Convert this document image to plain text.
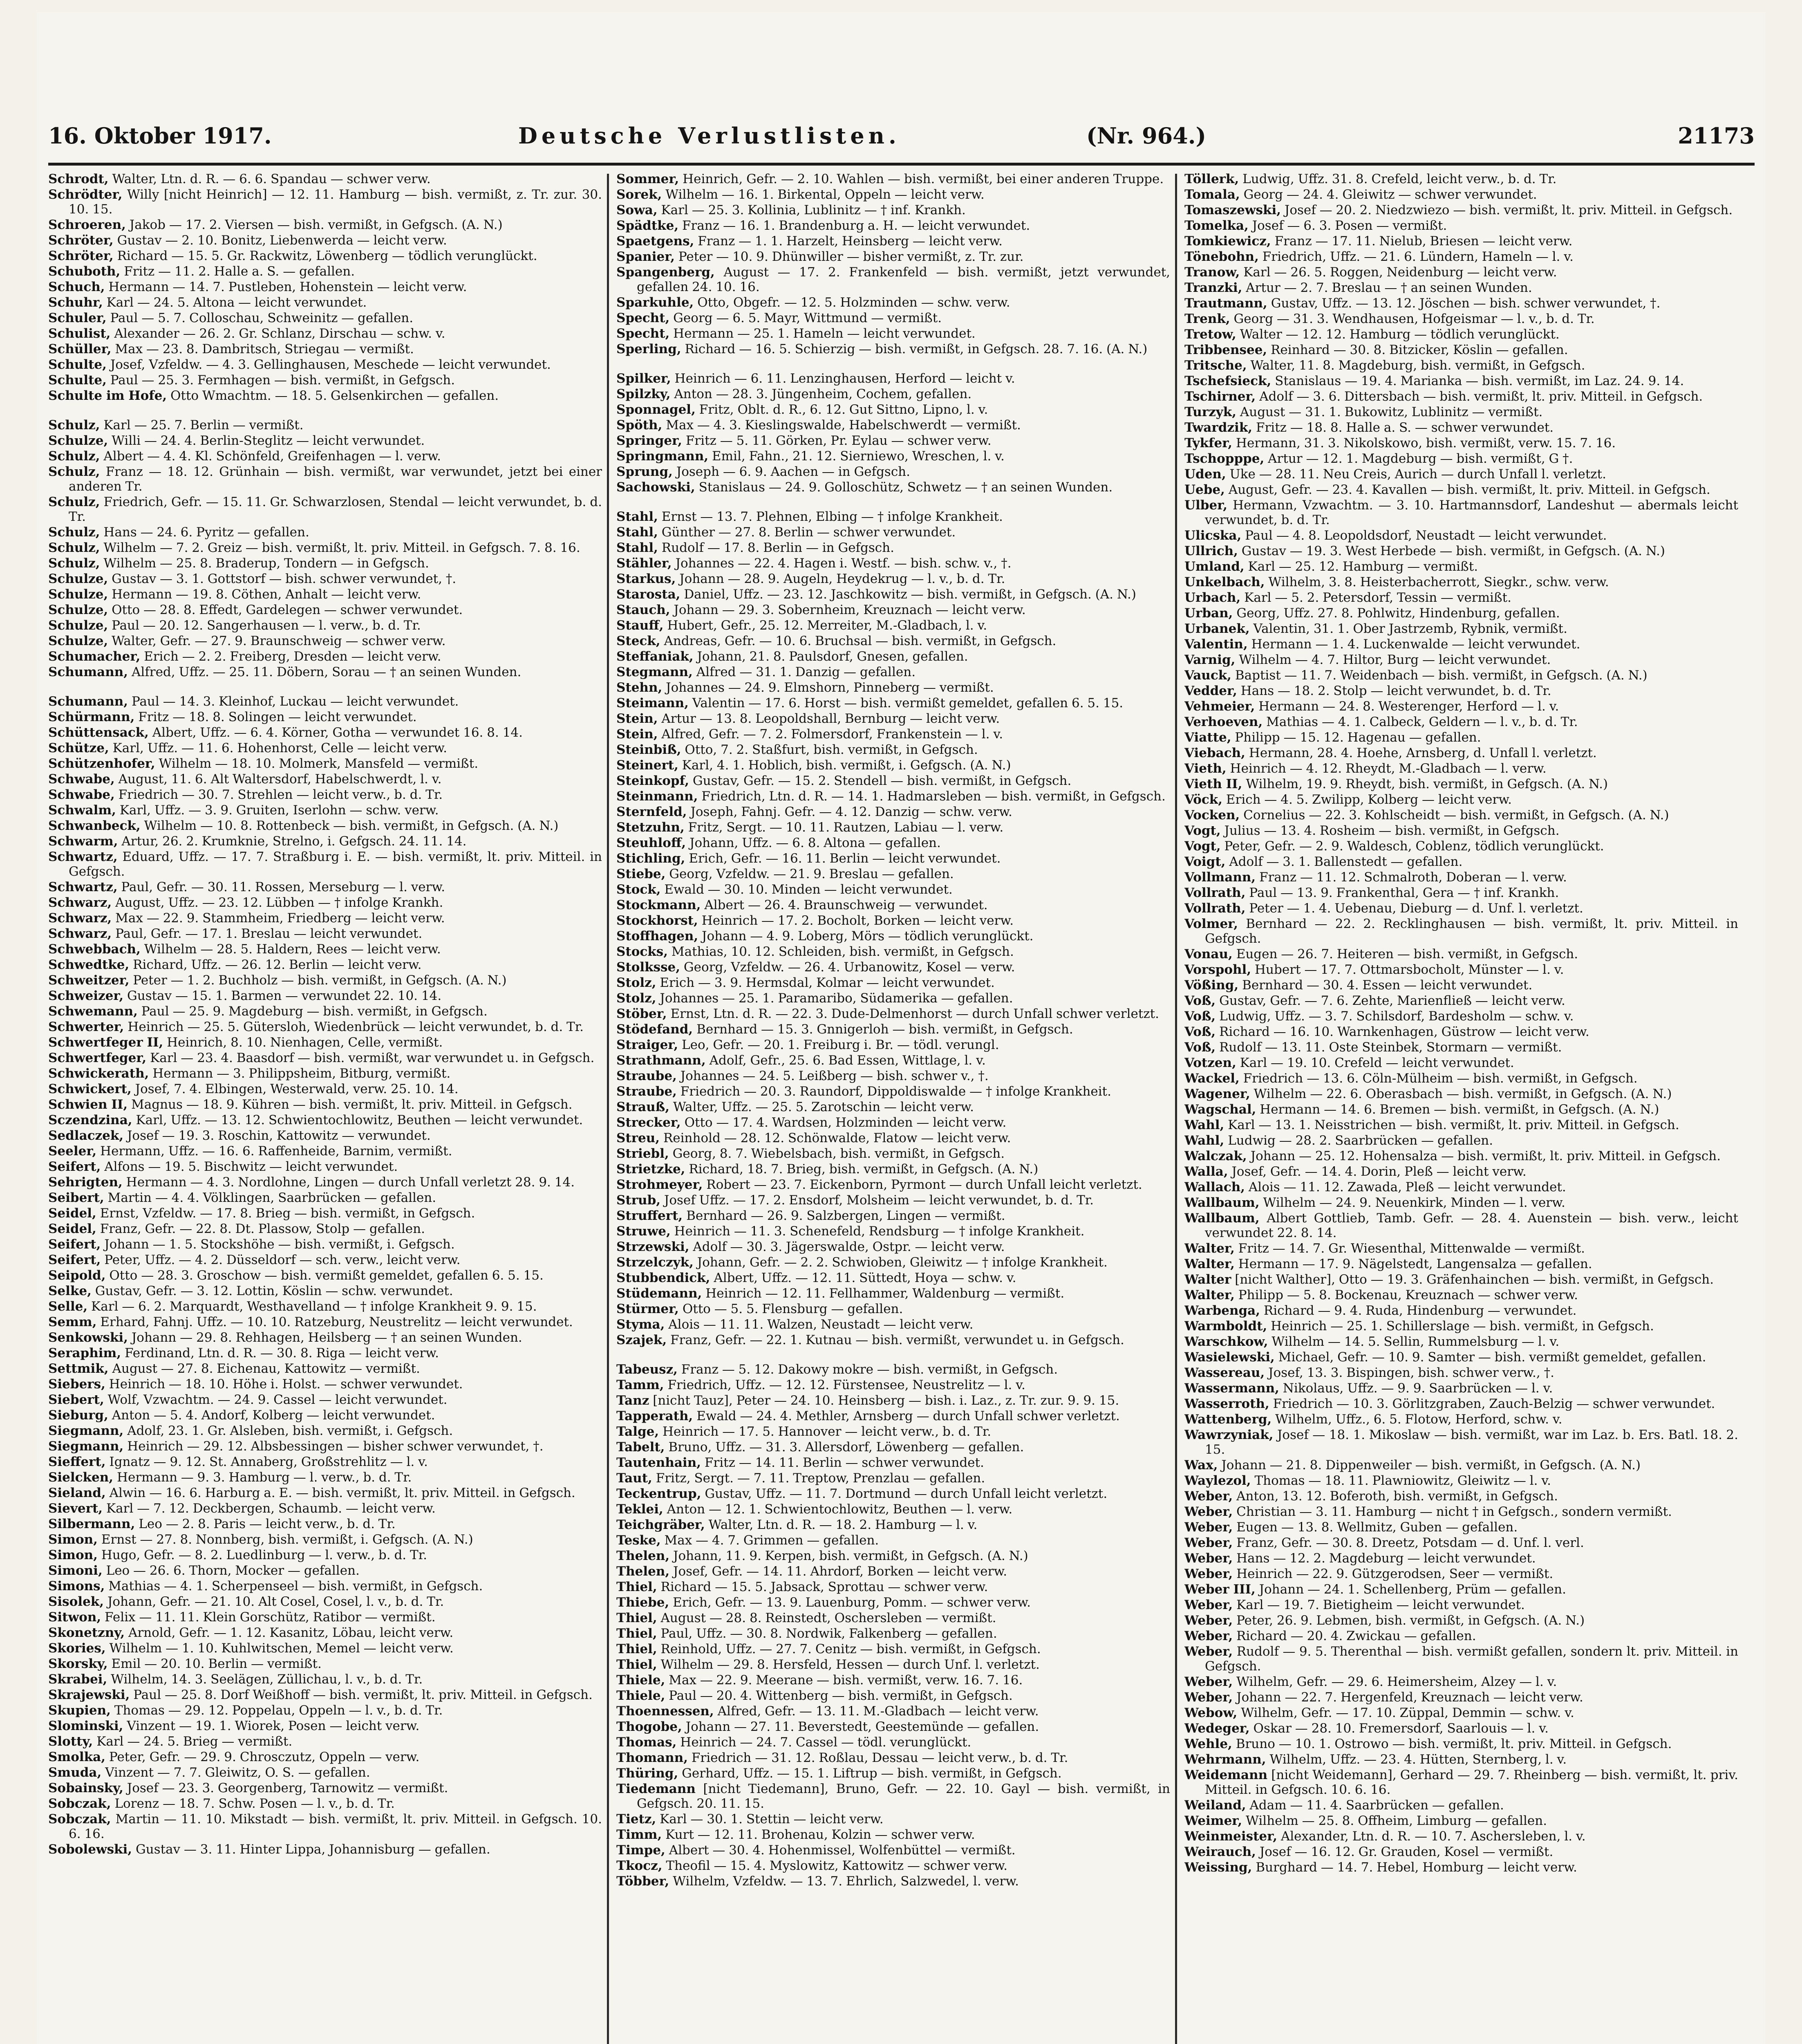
16. Oktober 1917.	Deutsche Verlustlisten.	(Nr. 964.)	21173
Schrodt, Walter, Ltn. d. R. — 6. 6. Spandau — schwer verw.
Schrödter, Willy [nicht Heinrich] — 12. 11. Hamburg — bish. vermißt, z. Tr. zur. 30. 10. 15.
Schroeren, Jakob — 17. 2. Viersen — bish. vermißt, in Gefgsch. (A. N.)
Schröter, Gustav — 2. 10. Bonitz, Liebenwerda — leicht verw.
Schröter, Richard — 15. 5. Gr. Rackwitz, Löwenberg — tödlich verunglückt.
Schuboth, Fritz — 11. 2. Halle a. S. — gefallen.
Schuch, Hermann — 14. 7. Pustleben, Hohenstein — leicht verw.
Schuhr, Karl — 24. 5. Altona — leicht verwundet.
Schuler, Paul — 5. 7. Colloschau, Schweinitz — gefallen.
Schulist, Alexander — 26. 2. Gr. Schlanz, Dirschau — schw. v.
Schüller, Max — 23. 8. Dambritsch, Striegau — vermißt.
Schulte, Josef, Vzfeldw. — 4. 3. Gellinghausen, Meschede — leicht verwundet.
Schulte, Paul — 25. 3. Fermhagen — bish. vermißt, in Gefgsch.
Schulte im Hofe, Otto Wmachtm. — 18. 5. Gelsenkirchen — gefallen.
Schulz, Karl — 25. 7. Berlin — vermißt.
Schulze, Willi — 24. 4. Berlin-Steglitz — leicht verwundet.
Schulz, Albert — 4. 4. Kl. Schönfeld, Greifenhagen — l. verw.
Schulz, Franz — 18. 12. Grünhain — bish. vermißt, war verwundet, jetzt bei einer anderen Tr.
Schulz, Friedrich, Gefr. — 15. 11. Gr. Schwarzlosen, Stendal — leicht verwundet, b. d. Tr.
Schulz, Hans — 24. 6. Pyritz — gefallen.
Schulz, Wilhelm — 7. 2. Greiz — bish. vermißt, lt. priv. Mitteil. in Gefgsch. 7. 8. 16.
Schulz, Wilhelm — 25. 8. Braderup, Tondern — in Gefgsch.
Schulze, Gustav — 3. 1. Gottstorf — bish. schwer verwundet, †.
Schulze, Hermann — 19. 8. Cöthen, Anhalt — leicht verw.
Schulze, Otto — 28. 8. Effedt, Gardelegen — schwer verwundet.
Schulze, Paul — 20. 12. Sangerhausen — l. verw., b. d. Tr.
Schulze, Walter, Gefr. — 27. 9. Braunschweig — schwer verw.
Schumacher, Erich — 2. 2. Freiberg, Dresden — leicht verw.
Schumann, Alfred, Uffz. — 25. 11. Döbern, Sorau — † an seinen Wunden.
Schumann, Paul — 14. 3. Kleinhof, Luckau — leicht verwundet.
Schürmann, Fritz — 18. 8. Solingen — leicht verwundet.
Schüttensack, Albert, Uffz. — 6. 4. Körner, Gotha — verwundet 16. 8. 14.
Schütze, Karl, Uffz. — 11. 6. Hohenhorst, Celle — leicht verw.
Schützenhofer, Wilhelm — 18. 10. Molmerk, Mansfeld — vermißt.
Schwabe, August, 11. 6. Alt Waltersdorf, Habelschwerdt, l. v.
Schwabe, Friedrich — 30. 7. Strehlen — leicht verw., b. d. Tr.
Schwalm, Karl, Uffz. — 3. 9. Gruiten, Iserlohn — schw. verw.
Schwanbeck, Wilhelm — 10. 8. Rottenbeck — bish. vermißt, in Gefgsch. (A. N.)
Schwarm, Artur, 26. 2. Krumknie, Strelno, i. Gefgsch. 24. 11. 14.
Schwartz, Eduard, Uffz. — 17. 7. Straßburg i. E. — bish. vermißt, lt. priv. Mitteil. in Gefgsch.
Schwartz, Paul, Gefr. — 30. 11. Rossen, Merseburg — l. verw.
Schwarz, August, Uffz. — 23. 12. Lübben — † infolge Krankh.
Schwarz, Max — 22. 9. Stammheim, Friedberg — leicht verw.
Schwarz, Paul, Gefr. — 17. 1. Breslau — leicht verwundet.
Schwebbach, Wilhelm — 28. 5. Haldern, Rees — leicht verw.
Schwedtke, Richard, Uffz. — 26. 12. Berlin — leicht verw.
Schweitzer, Peter — 1. 2. Buchholz — bish. vermißt, in Gefgsch. (A. N.)
Schweizer, Gustav — 15. 1. Barmen — verwundet 22. 10. 14.
Schwemann, Paul — 25. 9. Magdeburg — bish. vermißt, in Gefgsch.
Schwerter, Heinrich — 25. 5. Gütersloh, Wiedenbrück — leicht verwundet, b. d. Tr.
Schwertfeger II, Heinrich, 8. 10. Nienhagen, Celle, vermißt.
Schwertfeger, Karl — 23. 4. Baasdorf — bish. vermißt, war verwundet u. in Gefgsch.
Schwickerath, Hermann — 3. Philippsheim, Bitburg, vermißt.
Schwickert, Josef, 7. 4. Elbingen, Westerwald, verw. 25. 10. 14.
Schwien II, Magnus — 18. 9. Kühren — bish. vermißt, lt. priv. Mitteil. in Gefgsch.
Sczendzina, Karl, Uffz. — 13. 12. Schwientochlowitz, Beuthen — leicht verwundet.
Sedlaczek, Josef — 19. 3. Roschin, Kattowitz — verwundet.
Seeler, Hermann, Uffz. — 16. 6. Raffenheide, Barnim, vermißt.
Seifert, Alfons — 19. 5. Bischwitz — leicht verwundet.
Sehrigten, Hermann — 4. 3. Nordlohne, Lingen — durch Unfall verletzt 28. 9. 14.
Seibert, Martin — 4. 4. Völklingen, Saarbrücken — gefallen.
Seidel, Ernst, Vzfeldw. — 17. 8. Brieg — bish. vermißt, in Gefgsch.
Seidel, Franz, Gefr. — 22. 8. Dt. Plassow, Stolp — gefallen.
Seifert, Johann — 1. 5. Stockshöhe — bish. vermißt, i. Gefgsch.
Seifert, Peter, Uffz. — 4. 2. Düsseldorf — sch. verw., leicht verw.
Seipold, Otto — 28. 3. Groschow — bish. vermißt gemeldet, gefallen 6. 5. 15.
Selke, Gustav, Gefr. — 3. 12. Lottin, Köslin — schw. verwundet.
Selle, Karl — 6. 2. Marquardt, Westhavelland — † infolge Krankheit 9. 9. 15.
Semm, Erhard, Fahnj. Uffz. — 10. 10. Ratzeburg, Neustrelitz — leicht verwundet.
Senkowski, Johann — 29. 8. Rehhagen, Heilsberg — † an seinen Wunden.
Seraphim, Ferdinand, Ltn. d. R. — 30. 8. Riga — leicht verw.
Settmik, August — 27. 8. Eichenau, Kattowitz — vermißt.
Siebers, Heinrich — 18. 10. Höhe i. Holst. — schwer verwundet.
Siebert, Wolf, Vzwachtm. — 24. 9. Cassel — leicht verwundet.
Sieburg, Anton — 5. 4. Andorf, Kolberg — leicht verwundet.
Siegmann, Adolf, 23. 1. Gr. Alsleben, bish. vermißt, i. Gefgsch.
Siegmann, Heinrich — 29. 12. Albsbessingen — bisher schwer verwundet, †.
Sieffert, Ignatz — 9. 12. St. Annaberg, Großstrehlitz — l. v.
Sielcken, Hermann — 9. 3. Hamburg — l. verw., b. d. Tr.
Sieland, Alwin — 16. 6. Harburg a. E. — bish. vermißt, lt. priv. Mitteil. in Gefgsch.
Sievert, Karl — 7. 12. Deckbergen, Schaumb. — leicht verw.
Silbermann, Leo — 2. 8. Paris — leicht verw., b. d. Tr.
Simon, Ernst — 27. 8. Nonnberg, bish. vermißt, i. Gefgsch. (A. N.)
Simon, Hugo, Gefr. — 8. 2. Luedlinburg — l. verw., b. d. Tr.
Simoni, Leo — 26. 6. Thorn, Mocker — gefallen.
Simons, Mathias — 4. 1. Scherpenseel — bish. vermißt, in Gefgsch.
Sisolek, Johann, Gefr. — 21. 10. Alt Cosel, Cosel, l. v., b. d. Tr.
Sitwon, Felix — 11. 11. Klein Gorschütz, Ratibor — vermißt.
Skonetzny, Arnold, Gefr. — 1. 12. Kasanitz, Löbau, leicht verw.
Skories, Wilhelm — 1. 10. Kuhlwitschen, Memel — leicht verw.
Skorsky, Emil — 20. 10. Berlin — vermißt.
Skrabei, Wilhelm, 14. 3. Seelägen, Züllichau, l. v., b. d. Tr.
Skrajewski, Paul — 25. 8. Dorf Weißhoff — bish. vermißt, lt. priv. Mitteil. in Gefgsch.
Skupien, Thomas — 29. 12. Poppelau, Oppeln — l. v., b. d. Tr.
Slominski, Vinzent — 19. 1. Wiorek, Posen — leicht verw.
Slotty, Karl — 24. 5. Brieg — vermißt.
Smolka, Peter, Gefr. — 29. 9. Chrosczutz, Oppeln — verw.
Smuda, Vinzent — 7. 7. Gleiwitz, O. S. — gefallen.
Sobainsky, Josef — 23. 3. Georgenberg, Tarnowitz — vermißt.
Sobczak, Lorenz — 18. 7. Schw. Posen — l. v., b. d. Tr.
Sobczak, Martin — 11. 10. Mikstadt — bish. vermißt, lt. priv. Mitteil. in Gefgsch. 10. 6. 16.
Sobolewski, Gustav — 3. 11. Hinter Lippa, Johannisburg — gefallen.
Sommer, Heinrich, Gefr. — 2. 10. Wahlen — bish. vermißt, bei einer anderen Truppe.
Sorek, Wilhelm — 16. 1. Birkental, Oppeln — leicht verw.
Sowa, Karl — 25. 3. Kollinia, Lublinitz — † inf. Krankh.
Spädtke, Franz — 16. 1. Brandenburg a. H. — leicht verwundet.
Spaetgens, Franz — 1. 1. Harzelt, Heinsberg — leicht verw.
Spanier, Peter — 10. 9. Dhünwiller — bisher vermißt, z. Tr. zur.
Spangenberg, August — 17. 2. Frankenfeld — bish. vermißt, jetzt verwundet, gefallen 24. 10. 16.
Sparkuhle, Otto, Obgefr. — 12. 5. Holzminden — schw. verw.
Specht, Georg — 6. 5. Mayr, Wittmund — vermißt.
Specht, Hermann — 25. 1. Hameln — leicht verwundet.
Sperling, Richard — 16. 5. Schierzig — bish. vermißt, in Gefgsch. 28. 7. 16. (A. N.)
Spilker, Heinrich — 6. 11. Lenzinghausen, Herford — leicht v.
Spilzky, Anton — 28. 3. Jüngenheim, Cochem, gefallen.
Sponnagel, Fritz, Oblt. d. R., 6. 12. Gut Sittno, Lipno, l. v.
Spöth, Max — 4. 3. Kieslingswalde, Habelschwerdt — vermißt.
Springer, Fritz — 5. 11. Görken, Pr. Eylau — schwer verw.
Springmann, Emil, Fahn., 21. 12. Sierniewo, Wreschen, l. v.
Sprung, Joseph — 6. 9. Aachen — in Gefgsch.
Sachowski, Stanislaus — 24. 9. Golloschütz, Schwetz — † an seinen Wunden.
Stahl, Ernst — 13. 7. Plehnen, Elbing — † infolge Krankheit.
Stahl, Günther — 27. 8. Berlin — schwer verwundet.
Stahl, Rudolf — 17. 8. Berlin — in Gefgsch.
Stähler, Johannes — 22. 4. Hagen i. Westf. — bish. schw. v., †.
Starkus, Johann — 28. 9. Augeln, Heydekrug — l. v., b. d. Tr.
Starosta, Daniel, Uffz. — 23. 12. Jaschkowitz — bish. vermißt, in Gefgsch. (A. N.)
Stauch, Johann — 29. 3. Sobernheim, Kreuznach — leicht verw.
Stauff, Hubert, Gefr., 25. 12. Merreiter, M.-Gladbach, l. v.
Steck, Andreas, Gefr. — 10. 6. Bruchsal — bish. vermißt, in Gefgsch.
Steffaniak, Johann, 21. 8. Paulsdorf, Gnesen, gefallen.
Stegmann, Alfred — 31. 1. Danzig — gefallen.
Stehn, Johannes — 24. 9. Elmshorn, Pinneberg — vermißt.
Steimann, Valentin — 17. 6. Horst — bish. vermißt gemeldet, gefallen 6. 5. 15.
Stein, Artur — 13. 8. Leopoldshall, Bernburg — leicht verw.
Stein, Alfred, Gefr. — 7. 2. Folmersdorf, Frankenstein — l. v.
Steinbiß, Otto, 7. 2. Staßfurt, bish. vermißt, in Gefgsch.
Steinert, Karl, 4. 1. Hoblich, bish. vermißt, i. Gefgsch. (A. N.)
Steinkopf, Gustav, Gefr. — 15. 2. Stendell — bish. vermißt, in Gefgsch.
Steinmann, Friedrich, Ltn. d. R. — 14. 1. Hadmarsleben — bish. vermißt, in Gefgsch.
Sternfeld, Joseph, Fahnj. Gefr. — 4. 12. Danzig — schw. verw.
Stetzuhn, Fritz, Sergt. — 10. 11. Rautzen, Labiau — l. verw.
Steuhloff, Johann, Uffz. — 6. 8. Altona — gefallen.
Stichling, Erich, Gefr. — 16. 11. Berlin — leicht verwundet.
Stiebe, Georg, Vzfeldw. — 21. 9. Breslau — gefallen.
Stock, Ewald — 30. 10. Minden — leicht verwundet.
Stockmann, Albert — 26. 4. Braunschweig — verwundet.
Stockhorst, Heinrich — 17. 2. Bocholt, Borken — leicht verw.
Stoffhagen, Johann — 4. 9. Loberg, Mörs — tödlich verunglückt.
Stocks, Mathias, 10. 12. Schleiden, bish. vermißt, in Gefgsch.
Stolksse, Georg, Vzfeldw. — 26. 4. Urbanowitz, Kosel — verw.
Stolz, Erich — 3. 9. Hermsdal, Kolmar — leicht verwundet.
Stolz, Johannes — 25. 1. Paramaribo, Südamerika — gefallen.
Stöber, Ernst, Ltn. d. R. — 22. 3. Dude-Delmenhorst — durch Unfall schwer verletzt.
Stödefand, Bernhard — 15. 3. Gnnigerloh — bish. vermißt, in Gefgsch.
Straiger, Leo, Gefr. — 20. 1. Freiburg i. Br. — tödl. verungl.
Strathmann, Adolf, Gefr., 25. 6. Bad Essen, Wittlage, l. v.
Straube, Johannes — 24. 5. Leißberg — bish. schwer v., †.
Straube, Friedrich — 20. 3. Raundorf, Dippoldiswalde — † infolge Krankheit.
Strauß, Walter, Uffz. — 25. 5. Zarotschin — leicht verw.
Strecker, Otto — 17. 4. Wardsen, Holzminden — leicht verw.
Streu, Reinhold — 28. 12. Schönwalde, Flatow — leicht verw.
Striebl, Georg, 8. 7. Wiebelsbach, bish. vermißt, in Gefgsch.
Strietzke, Richard, 18. 7. Brieg, bish. vermißt, in Gefgsch. (A. N.)
Strohmeyer, Robert — 23. 7. Eickenborn, Pyrmont — durch Unfall leicht verletzt.
Strub, Josef Uffz. — 17. 2. Ensdorf, Molsheim — leicht verwundet, b. d. Tr.
Struffert, Bernhard — 26. 9. Salzbergen, Lingen — vermißt.
Struwe, Heinrich — 11. 3. Schenefeld, Rendsburg — † infolge Krankheit.
Strzewski, Adolf — 30. 3. Jägerswalde, Ostpr. — leicht verw.
Strzelczyk, Johann, Gefr. — 2. 2. Schwioben, Gleiwitz — † infolge Krankheit.
Stubbendick, Albert, Uffz. — 12. 11. Süttedt, Hoya — schw. v.
Stüdemann, Heinrich — 12. 11. Fellhammer, Waldenburg — vermißt.
Stürmer, Otto — 5. 5. Flensburg — gefallen.
Styma, Alois — 11. 11. Walzen, Neustadt — leicht verw.
Szajek, Franz, Gefr. — 22. 1. Kutnau — bish. vermißt, verwundet u. in Gefgsch.
Tabeusz, Franz — 5. 12. Dakowy mokre — bish. vermißt, in Gefgsch.
Tamm, Friedrich, Uffz. — 12. 12. Fürstensee, Neustrelitz — l. v.
Tanz [nicht Tauz], Peter — 24. 10. Heinsberg — bish. i. Laz., z. Tr. zur. 9. 9. 15.
Tapperath, Ewald — 24. 4. Methler, Arnsberg — durch Unfall schwer verletzt.
Talge, Heinrich — 17. 5. Hannover — leicht verw., b. d. Tr.
Tabelt, Bruno, Uffz. — 31. 3. Allersdorf, Löwenberg — gefallen.
Tautenhain, Fritz — 14. 11. Berlin — schwer verwundet.
Taut, Fritz, Sergt. — 7. 11. Treptow, Prenzlau — gefallen.
Teckentrup, Gustav, Uffz. — 11. 7. Dortmund — durch Unfall leicht verletzt.
Teklei, Anton — 12. 1. Schwientochlowitz, Beuthen — l. verw.
Teichgräber, Walter, Ltn. d. R. — 18. 2. Hamburg — l. v.
Teske, Max — 4. 7. Grimmen — gefallen.
Thelen, Johann, 11. 9. Kerpen, bish. vermißt, in Gefgsch. (A. N.)
Thelen, Josef, Gefr. — 14. 11. Ahrdorf, Borken — leicht verw.
Thiel, Richard — 15. 5. Jabsack, Sprottau — schwer verw.
Thiebe, Erich, Gefr. — 13. 9. Lauenburg, Pomm. — schwer verw.
Thiel, August — 28. 8. Reinstedt, Oschersleben — vermißt.
Thiel, Paul, Uffz. — 30. 8. Nordwik, Falkenberg — gefallen.
Thiel, Reinhold, Uffz. — 27. 7. Cenitz — bish. vermißt, in Gefgsch.
Thiel, Wilhelm — 29. 8. Hersfeld, Hessen — durch Unf. l. verletzt.
Thiele, Max — 22. 9. Meerane — bish. vermißt, verw. 16. 7. 16.
Thiele, Paul — 20. 4. Wittenberg — bish. vermißt, in Gefgsch.
Thoennessen, Alfred, Gefr. — 13. 11. M.-Gladbach — leicht verw.
Thogobe, Johann — 27. 11. Beverstedt, Geestemünde — gefallen.
Thomas, Heinrich — 24. 7. Cassel — tödl. verunglückt.
Thomann, Friedrich — 31. 12. Roßlau, Dessau — leicht verw., b. d. Tr.
Thüring, Gerhard, Uffz. — 15. 1. Liftrup — bish. vermißt, in Gefgsch.
Tiedemann [nicht Tiedemann], Bruno, Gefr. — 22. 10. Gayl — bish. vermißt, in Gefgsch. 20. 11. 15.
Tietz, Karl — 30. 1. Stettin — leicht verw.
Timm, Kurt — 12. 11. Brohenau, Kolzin — schwer verw.
Timpe, Albert — 30. 4. Hohenmissel, Wolfenbüttel — vermißt.
Tkocz, Theofil — 15. 4. Myslowitz, Kattowitz — schwer verw.
Többer, Wilhelm, Vzfeldw. — 13. 7. Ehrlich, Salzwedel, l. verw.
Töllerk, Ludwig, Uffz. 31. 8. Crefeld, leicht verw., b. d. Tr.
Tomala, Georg — 24. 4. Gleiwitz — schwer verwundet.
Tomaszewski, Josef — 20. 2. Niedzwiezo — bish. vermißt, lt. priv. Mitteil. in Gefgsch.
Tomelka, Josef — 6. 3. Posen — vermißt.
Tomkiewicz, Franz — 17. 11. Nielub, Briesen — leicht verw.
Tönebohn, Friedrich, Uffz. — 21. 6. Lündern, Hameln — l. v.
Tranow, Karl — 26. 5. Roggen, Neidenburg — leicht verw.
Tranzki, Artur — 2. 7. Breslau — † an seinen Wunden.
Trautmann, Gustav, Uffz. — 13. 12. Jöschen — bish. schwer verwundet, †.
Trenk, Georg — 31. 3. Wendhausen, Hofgeismar — l. v., b. d. Tr.
Tretow, Walter — 12. 12. Hamburg — tödlich verunglückt.
Tribbensee, Reinhard — 30. 8. Bitzicker, Köslin — gefallen.
Tritsche, Walter, 11. 8. Magdeburg, bish. vermißt, in Gefgsch.
Tschefsieck, Stanislaus — 19. 4. Marianka — bish. vermißt, im Laz. 24. 9. 14.
Tschirner, Adolf — 3. 6. Dittersbach — bish. vermißt, lt. priv. Mitteil. in Gefgsch.
Turzyk, August — 31. 1. Bukowitz, Lublinitz — vermißt.
Twardzik, Fritz — 18. 8. Halle a. S. — schwer verwundet.
Tykfer, Hermann, 31. 3. Nikolskowo, bish. vermißt, verw. 15. 7. 16.
Tschopppe, Artur — 12. 1. Magdeburg — bish. vermißt, G †.
Uden, Uke — 28. 11. Neu Creis, Aurich — durch Unfall l. verletzt.
Uebe, August, Gefr. — 23. 4. Kavallen — bish. vermißt, lt. priv. Mitteil. in Gefgsch.
Ulber, Hermann, Vzwachtm. — 3. 10. Hartmannsdorf, Landeshut — abermals leicht verwundet, b. d. Tr.
Ulicska, Paul — 4. 8. Leopoldsdorf, Neustadt — leicht verwundet.
Ullrich, Gustav — 19. 3. West Herbede — bish. vermißt, in Gefgsch. (A. N.)
Umland, Karl — 25. 12. Hamburg — vermißt.
Unkelbach, Wilhelm, 3. 8. Heisterbacherrott, Siegkr., schw. verw.
Urbach, Karl — 5. 2. Petersdorf, Tessin — vermißt.
Urban, Georg, Uffz. 27. 8. Pohlwitz, Hindenburg, gefallen.
Urbanek, Valentin, 31. 1. Ober Jastrzemb, Rybnik, vermißt.
Valentin, Hermann — 1. 4. Luckenwalde — leicht verwundet.
Varnig, Wilhelm — 4. 7. Hiltor, Burg — leicht verwundet.
Vauck, Baptist — 11. 7. Weidenbach — bish. vermißt, in Gefgsch. (A. N.)
Vedder, Hans — 18. 2. Stolp — leicht verwundet, b. d. Tr.
Vehmeier, Hermann — 24. 8. Westerenger, Herford — l. v.
Verhoeven, Mathias — 4. 1. Calbeck, Geldern — l. v., b. d. Tr.
Viatte, Philipp — 15. 12. Hagenau — gefallen.
Viebach, Hermann, 28. 4. Hoehe, Arnsberg, d. Unfall l. verletzt.
Vieth, Heinrich — 4. 12. Rheydt, M.-Gladbach — l. verw.
Vieth II, Wilhelm, 19. 9. Rheydt, bish. vermißt, in Gefgsch. (A. N.)
Vöck, Erich — 4. 5. Zwilipp, Kolberg — leicht verw.
Vocken, Cornelius — 22. 3. Kohlscheidt — bish. vermißt, in Gefgsch. (A. N.)
Vogt, Julius — 13. 4. Rosheim — bish. vermißt, in Gefgsch.
Vogt, Peter, Gefr. — 2. 9. Waldesch, Coblenz, tödlich verunglückt.
Voigt, Adolf — 3. 1. Ballenstedt — gefallen.
Vollmann, Franz — 11. 12. Schmalroth, Doberan — l. verw.
Vollrath, Paul — 13. 9. Frankenthal, Gera — † inf. Krankh.
Vollrath, Peter — 1. 4. Uebenau, Dieburg — d. Unf. l. verletzt.
Volmer, Bernhard — 22. 2. Recklinghausen — bish. vermißt, lt. priv. Mitteil. in Gefgsch.
Vonau, Eugen — 26. 7. Heiteren — bish. vermißt, in Gefgsch.
Vorspohl, Hubert — 17. 7. Ottmarsbocholt, Münster — l. v.
Vößing, Bernhard — 30. 4. Essen — leicht verwundet.
Voß, Gustav, Gefr. — 7. 6. Zehte, Marienfließ — leicht verw.
Voß, Ludwig, Uffz. — 3. 7. Schilsdorf, Bardesholm — schw. v.
Voß, Richard — 16. 10. Warnkenhagen, Güstrow — leicht verw.
Voß, Rudolf — 13. 11. Oste Steinbek, Stormarn — vermißt.
Votzen, Karl — 19. 10. Crefeld — leicht verwundet.
Wackel, Friedrich — 13. 6. Cöln-Mülheim — bish. vermißt, in Gefgsch.
Wagener, Wilhelm — 22. 6. Oberasbach — bish. vermißt, in Gefgsch. (A. N.)
Wagschal, Hermann — 14. 6. Bremen — bish. vermißt, in Gefgsch. (A. N.)
Wahl, Karl — 13. 1. Neisstrichen — bish. vermißt, lt. priv. Mitteil. in Gefgsch.
Wahl, Ludwig — 28. 2. Saarbrücken — gefallen.
Walczak, Johann — 25. 12. Hohensalza — bish. vermißt, lt. priv. Mitteil. in Gefgsch.
Walla, Josef, Gefr. — 14. 4. Dorin, Pleß — leicht verw.
Wallach, Alois — 11. 12. Zawada, Pleß — leicht verwundet.
Wallbaum, Wilhelm — 24. 9. Neuenkirk, Minden — l. verw.
Wallbaum, Albert Gottlieb, Tamb. Gefr. — 28. 4. Auenstein — bish. verw., leicht verwundet 22. 8. 14.
Walter, Fritz — 14. 7. Gr. Wiesenthal, Mittenwalde — vermißt.
Walter, Hermann — 17. 9. Nägelstedt, Langensalza — gefallen.
Walter [nicht Walther], Otto — 19. 3. Gräfenhainchen — bish. vermißt, in Gefgsch.
Walter, Philipp — 5. 8. Bockenau, Kreuznach — schwer verw.
Warbenga, Richard — 9. 4. Ruda, Hindenburg — verwundet.
Warmboldt, Heinrich — 25. 1. Schillerslage — bish. vermißt, in Gefgsch.
Warschkow, Wilhelm — 14. 5. Sellin, Rummelsburg — l. v.
Wasielewski, Michael, Gefr. — 10. 9. Samter — bish. vermißt gemeldet, gefallen.
Wassereau, Josef, 13. 3. Bispingen, bish. schwer verw., †.
Wassermann, Nikolaus, Uffz. — 9. 9. Saarbrücken — l. v.
Wasserroth, Friedrich — 10. 3. Görlitzgraben, Zauch-Belzig — schwer verwundet.
Wattenberg, Wilhelm, Uffz., 6. 5. Flotow, Herford, schw. v.
Wawrzyniak, Josef — 18. 1. Mikoslaw — bish. vermißt, war im Laz. b. Ers. Batl. 18. 2. 15.
Wax, Johann — 21. 8. Dippenweiler — bish. vermißt, in Gefgsch. (A. N.)
Waylezol, Thomas — 18. 11. Plawniowitz, Gleiwitz — l. v.
Weber, Anton, 13. 12. Boferoth, bish. vermißt, in Gefgsch.
Weber, Christian — 3. 11. Hamburg — nicht † in Gefgsch., sondern vermißt.
Weber, Eugen — 13. 8. Wellmitz, Guben — gefallen.
Weber, Franz, Gefr. — 30. 8. Dreetz, Potsdam — d. Unf. l. verl.
Weber, Hans — 12. 2. Magdeburg — leicht verwundet.
Weber, Heinrich — 22. 9. Gützgerodsen, Seer — vermißt.
Weber III, Johann — 24. 1. Schellenberg, Prüm — gefallen.
Weber, Karl — 19. 7. Bietigheim — leicht verwundet.
Weber, Peter, 26. 9. Lebmen, bish. vermißt, in Gefgsch. (A. N.)
Weber, Richard — 20. 4. Zwickau — gefallen.
Weber, Rudolf — 9. 5. Therenthal — bish. vermißt gefallen, sondern lt. priv. Mitteil. in Gefgsch.
Weber, Wilhelm, Gefr. — 29. 6. Heimersheim, Alzey — l. v.
Weber, Johann — 22. 7. Hergenfeld, Kreuznach — leicht verw.
Webow, Wilhelm, Gefr. — 17. 10. Züppal, Demmin — schw. v.
Wedeger, Oskar — 28. 10. Fremersdorf, Saarlouis — l. v.
Wehle, Bruno — 10. 1. Ostrowo — bish. vermißt, lt. priv. Mitteil. in Gefgsch.
Wehrmann, Wilhelm, Uffz. — 23. 4. Hütten, Sternberg, l. v.
Weidemann [nicht Weidemann], Gerhard — 29. 7. Rheinberg — bish. vermißt, lt. priv. Mitteil. in Gefgsch. 10. 6. 16.
Weiland, Adam — 11. 4. Saarbrücken — gefallen.
Weimer, Wilhelm — 25. 8. Offheim, Limburg — gefallen.
Weinmeister, Alexander, Ltn. d. R. — 10. 7. Aschersleben, l. v.
Weirauch, Josef — 16. 12. Gr. Grauden, Kosel — vermißt.
Weissing, Burghard — 14. 7. Hebel, Homburg — leicht verw.
